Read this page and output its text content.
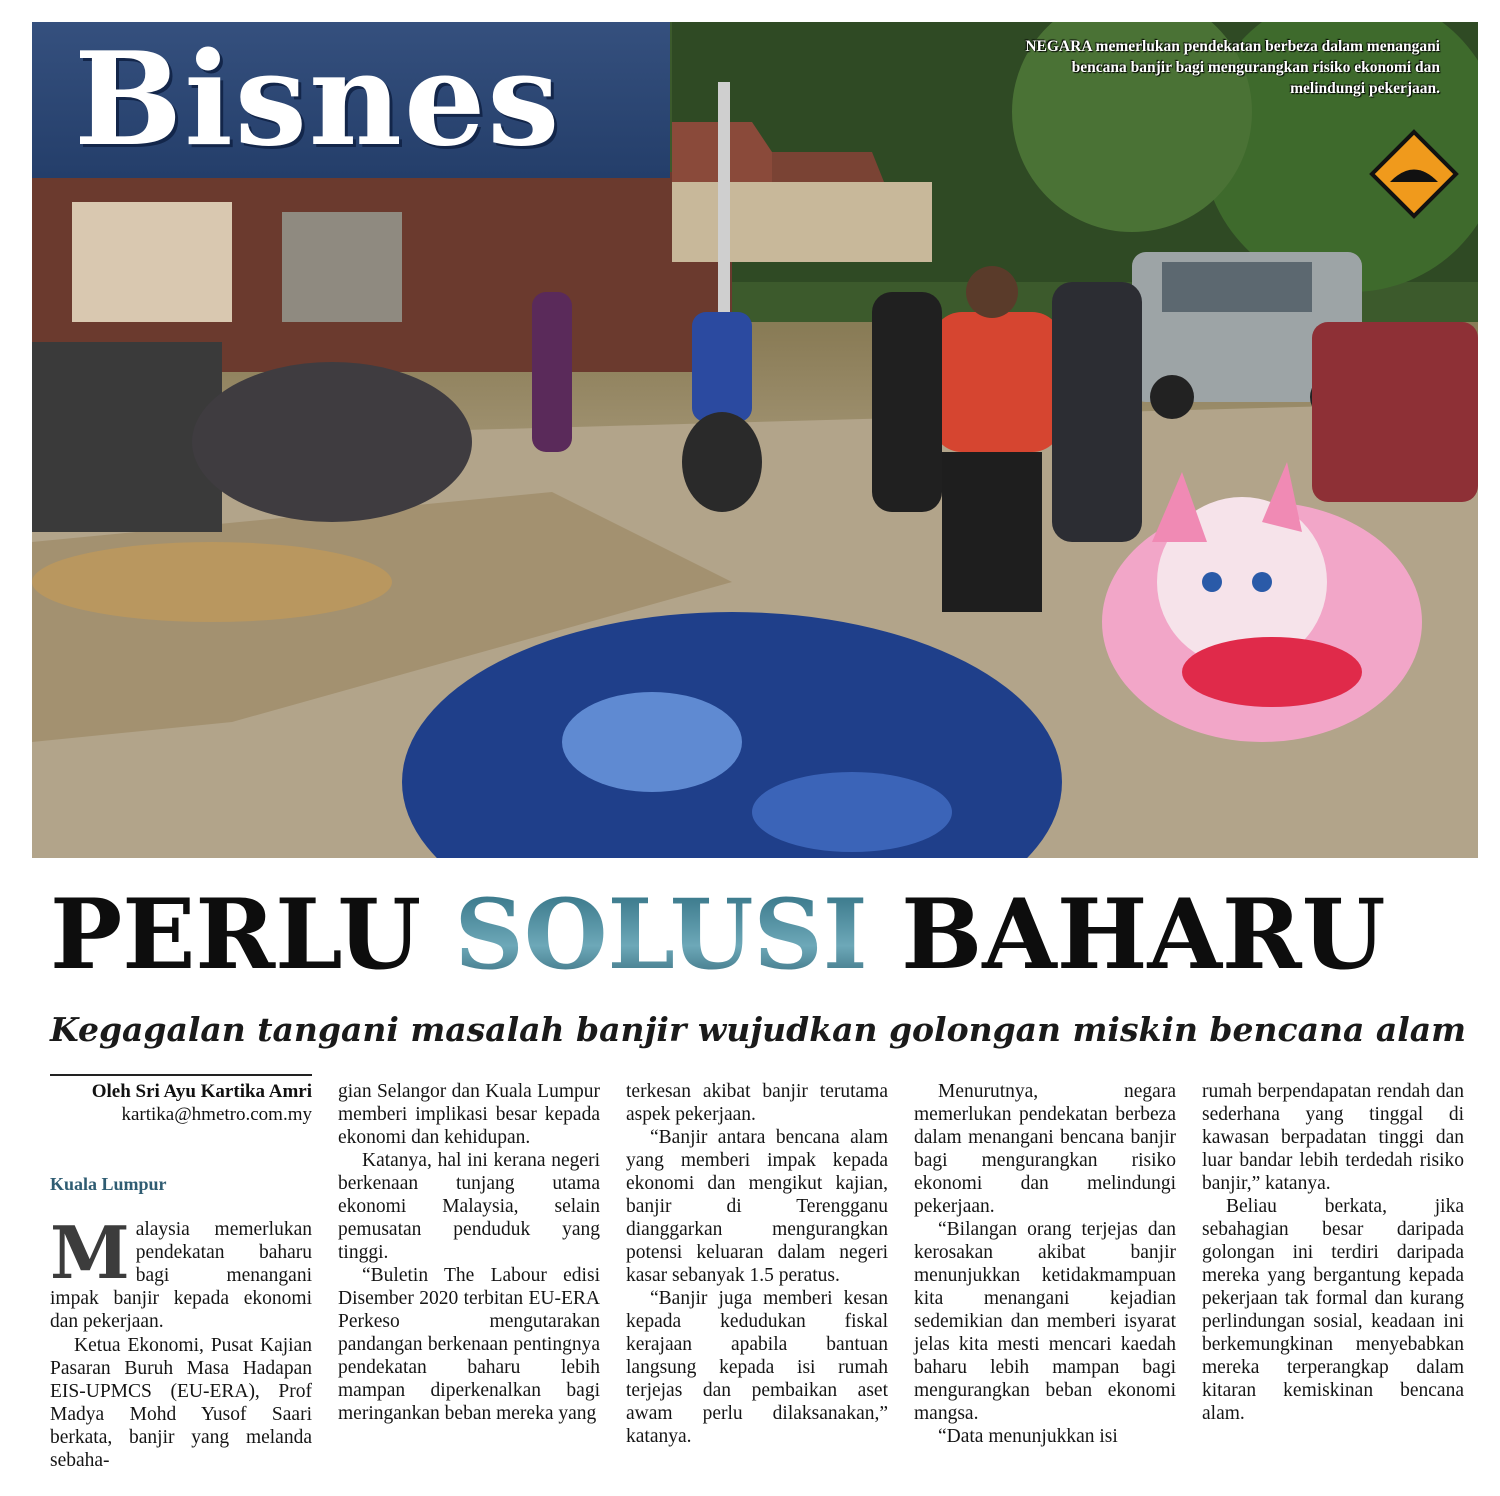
Bisnes	NEGARA memerlukan pendekatan berbeza dalam menangani bencana banjir bagi mengurangkan risiko ekonomi dan melindungi pekerjaan.
PERLU SOLUSI BAHARU
Kegagalan tangani masalah banjir wujudkan golongan miskin bencana alam
Oleh Sri Ayu Kartika Amri
kartika@hmetro.com.my
Kuala Lumpur

Malaysia memerlukan pendekatan baharu bagi menangani impak banjir kepada ekonomi dan pekerjaan.

Ketua Ekonomi, Pusat Kajian Pasaran Buruh Masa Hadapan EIS-UPMCS (EU-ERA), Prof Madya Mohd Yusof Saari berkata, banjir yang melanda sebaha-

gian Selangor dan Kuala Lumpur memberi implikasi besar kepada ekonomi dan kehidupan.

Katanya, hal ini kerana negeri berkenaan tunjang utama ekonomi Malaysia, selain pemusatan penduduk yang tinggi.

“Buletin The Labour edisi Disember 2020 terbitan EU-ERA Perkeso mengutarakan pandangan berkenaan pentingnya pendekatan baharu lebih mampan diperkenalkan bagi meringankan beban mereka yang

terkesan akibat banjir terutama aspek pekerjaan.

“Banjir antara bencana alam yang memberi impak kepada ekonomi dan mengikut kajian, banjir di Terengganu dianggarkan mengurangkan potensi keluaran dalam negeri kasar sebanyak 1.5 peratus.

“Banjir juga memberi kesan kepada kedudukan fiskal kerajaan apabila bantuan langsung kepada isi rumah terjejas dan pembaikan aset awam perlu dilaksanakan,” katanya.

Menurutnya, negara memerlukan pendekatan berbeza dalam menangani bencana banjir bagi mengurangkan risiko ekonomi dan melindungi pekerjaan.

“Bilangan orang terjejas dan kerosakan akibat banjir menunjukkan ketidakmampuan kita menangani kejadian sedemikian dan memberi isyarat jelas kita mesti mencari kaedah baharu lebih mampan bagi mengurangkan beban ekonomi mangsa.

“Data menunjukkan isi

rumah berpendapatan rendah dan sederhana yang tinggal di kawasan berpadatan tinggi dan luar bandar lebih terdedah risiko banjir,” katanya.

Beliau berkata, jika sebahagian besar daripada golongan ini terdiri daripada mereka yang bergantung kepada pekerjaan tak formal dan kurang perlindungan sosial, keadaan ini berkemungkinan menyebabkan mereka terperangkap dalam kitaran kemiskinan bencana alam.
